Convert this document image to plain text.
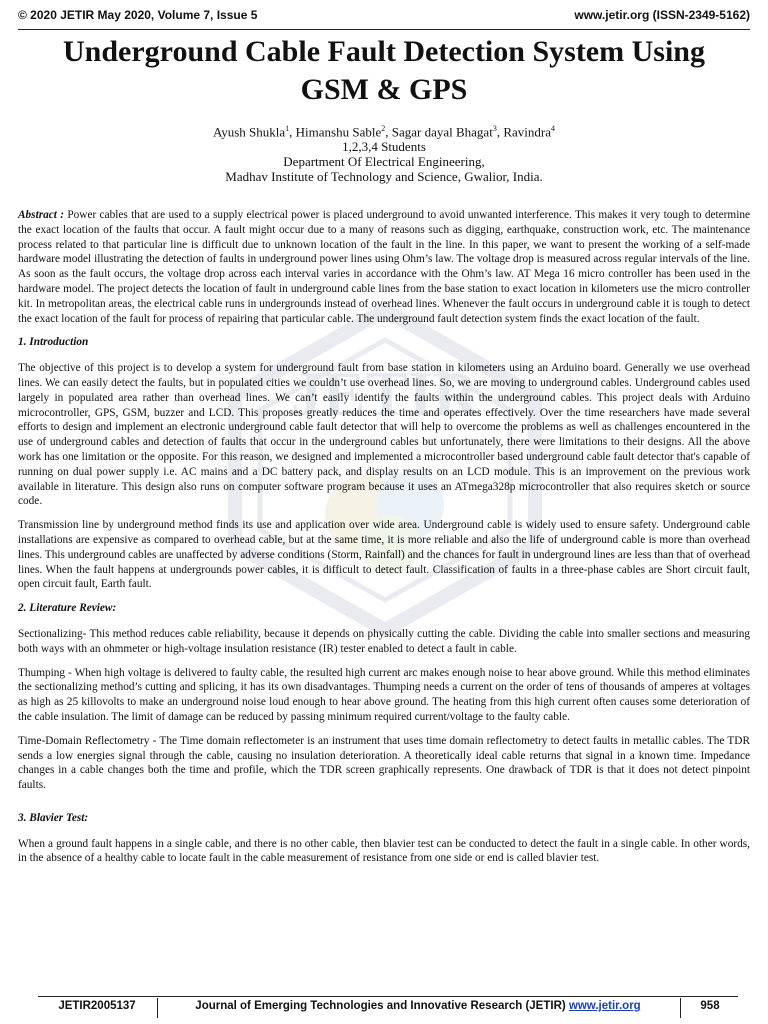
JETIR
© 2020 JETIR May 2020, Volume 7, Issue 5	www.jetir.org (ISSN-2349-5162)
Underground Cable Fault Detection System Using
GSM & GPS
Ayush Shukla$^1$, Himanshu Sable$^2$, Sagar dayal Bhagat$^3$, Ravindra$^4$
1,2,3,4 Students
Department Of Electrical Engineering,
Madhav Institute of Technology and Science, Gwalior, India.

Abstract : Power cables that are used to a supply electrical power is placed underground to avoid unwanted interference. This makes it very tough to determine the exact location of the faults that occur. A fault might occur due to a many of reasons such as digging, earthquake, construction work, etc. The maintenance process related to that particular line is difficult due to unknown location of the fault in the line. In this paper, we want to present the working of a self-made hardware model illustrating the detection of faults in underground power lines using Ohm’s law. The voltage drop is measured across regular intervals of the line. As soon as the fault occurs, the voltage drop across each interval varies in accordance with the Ohm’s law. AT Mega 16 micro controller has been used in the hardware model. The project detects the location of fault in underground cable lines from the base station to exact location in kilometers use the micro controller kit. In metropolitan areas, the electrical cable runs in undergrounds instead of overhead lines. Whenever the fault occurs in underground cable it is tough to detect the exact location of the fault for process of repairing that particular cable. The underground fault detection system finds the exact location of the fault.

1. Introduction

The objective of this project is to develop a system for underground fault from base station in kilometers using an Arduino board. Generally we use overhead lines. We can easily detect the faults, but in populated cities we couldn’t use overhead lines. So, we are moving to underground cables. Underground cables used largely in populated area rather than overhead lines. We can’t easily identify the faults within the underground cables. This project deals with Arduino microcontroller, GPS, GSM, buzzer and LCD. This proposes greatly reduces the time and operates effectively. Over the time researchers have made several efforts to design and implement an electronic underground cable fault detector that will help to overcome the problems as well as challenges encountered in the use of underground cables and detection of faults that occur in the underground cables but unfortunately, there were limitations to their designs. All the above work has one limitation or the opposite. For this reason, we designed and implemented a microcontroller based underground cable fault detector that's capable of running on dual power supply i.e. AC mains and a DC battery pack, and display results on an LCD module. This is an improvement on the previous work available in literature. This design also runs on computer software program because it uses an ATmega328p microcontroller that also requires sketch or source code.

Transmission line by underground method finds its use and application over wide area. Underground cable is widely used to ensure safety. Underground cable installations are expensive as compared to overhead cable, but at the same time, it is more reliable and also the life of underground cable is more than overhead lines. This underground cables are unaffected by adverse conditions (Storm, Rainfall) and the chances for fault in underground lines are less than that of overhead lines. When the fault happens at undergrounds power cables, it is difficult to detect fault. Classification of faults in a three-phase cables are Short circuit fault, open circuit fault, Earth fault.

2. Literature Review:

Sectionalizing- This method reduces cable reliability, because it depends on physically cutting the cable. Dividing the cable into smaller sections and measuring both ways with an ohmmeter or high-voltage insulation resistance (IR) tester enabled to detect a fault in cable.

Thumping - When high voltage is delivered to faulty cable, the resulted high current arc makes enough noise to hear above ground. While this method eliminates the sectionalizing method’s cutting and splicing, it has its own disadvantages. Thumping needs a current on the order of tens of thousands of amperes at voltages as high as 25 killovolts to make an underground noise loud enough to hear above ground. The heating from this high current often causes some deterioration of the cable insulation. The limit of damage can be reduced by passing minimum required current/voltage to the faulty cable.

Time-Domain Reflectometry - The Time domain reflectometer is an instrument that uses time domain reflectometry to detect faults in metallic cables. The TDR sends a low energies signal through the cable, causing no insulation deterioration. A theoretically ideal cable returns that signal in a known time. Impedance changes in a cable changes both the time and profile, which the TDR screen graphically represents. One drawback of TDR is that it does not detect pinpoint faults.

3. Blavier Test:

When a ground fault happens in a single cable, and there is no other cable, then blavier test can be conducted to detect the fault in a single cable. In other words, in the absence of a healthy cable to locate fault in the cable measurement of resistance from one side or end is called blavier test.

JETIR2005137	Journal of Emerging Technologies and Innovative Research (JETIR) www.jetir.org	958
